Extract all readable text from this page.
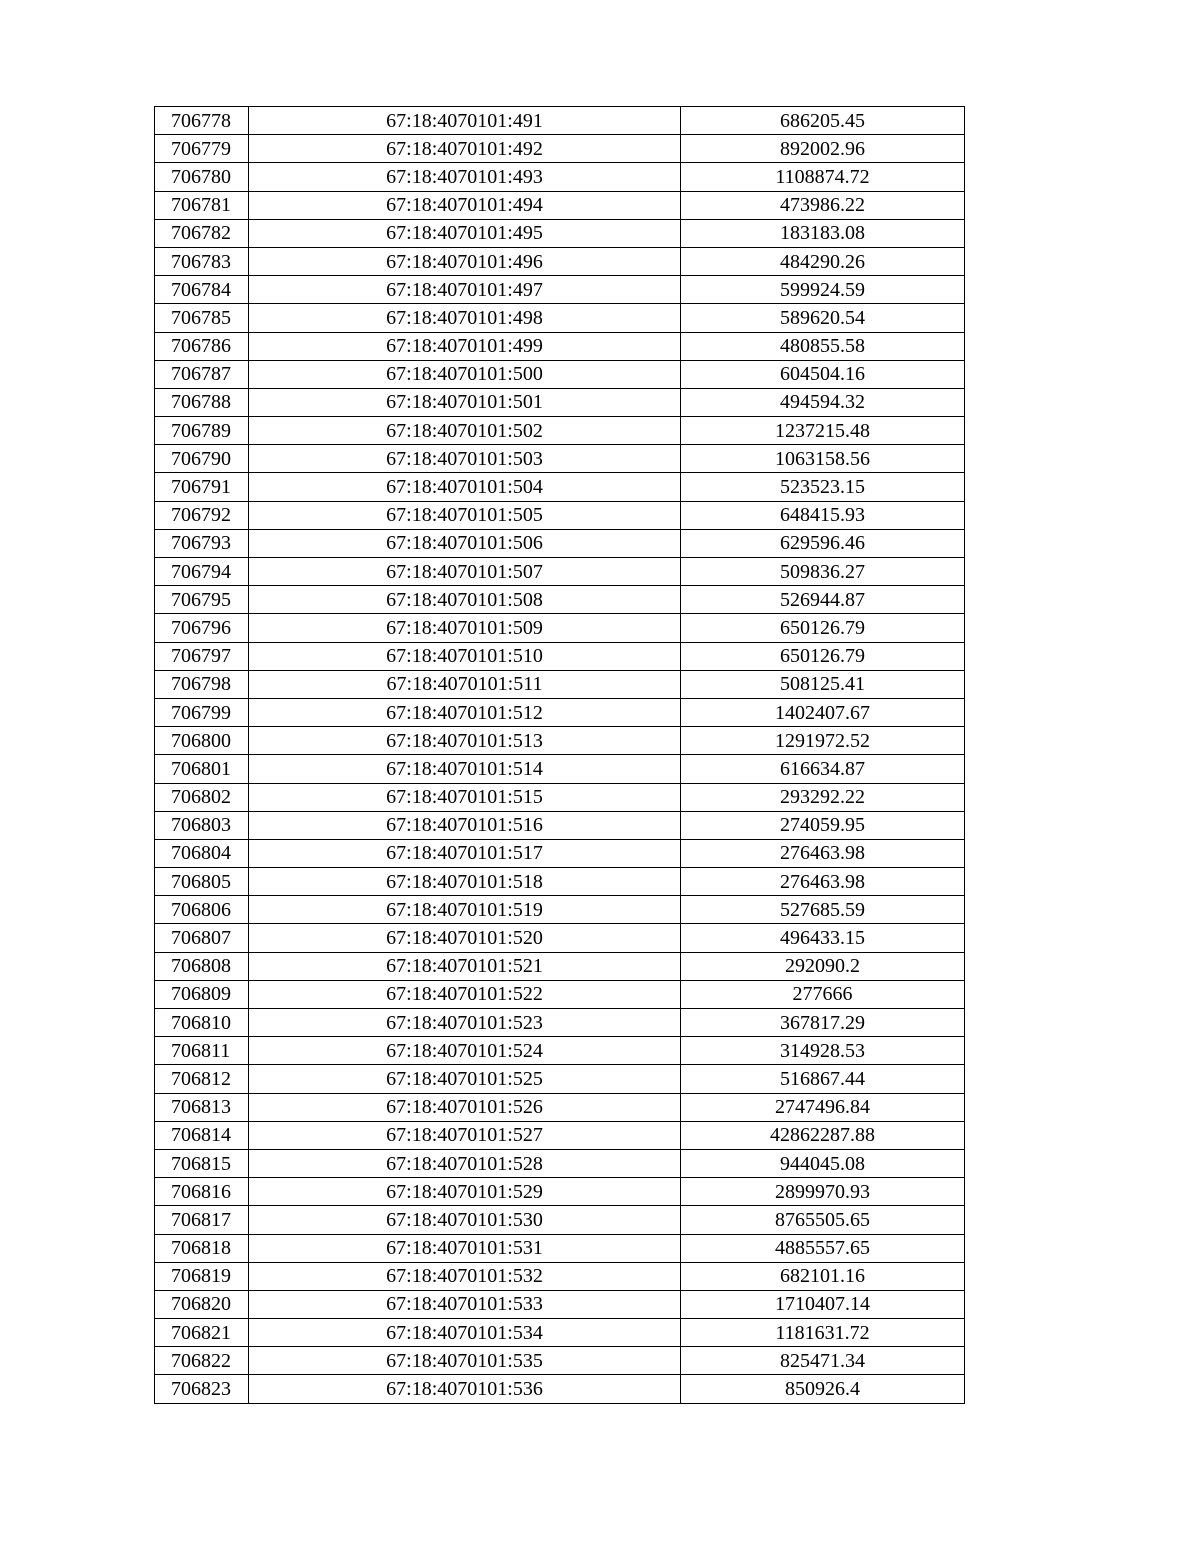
706778	67:18:4070101:491	686205.45
706779	67:18:4070101:492	892002.96
706780	67:18:4070101:493	1108874.72
706781	67:18:4070101:494	473986.22
706782	67:18:4070101:495	183183.08
706783	67:18:4070101:496	484290.26
706784	67:18:4070101:497	599924.59
706785	67:18:4070101:498	589620.54
706786	67:18:4070101:499	480855.58
706787	67:18:4070101:500	604504.16
706788	67:18:4070101:501	494594.32
706789	67:18:4070101:502	1237215.48
706790	67:18:4070101:503	1063158.56
706791	67:18:4070101:504	523523.15
706792	67:18:4070101:505	648415.93
706793	67:18:4070101:506	629596.46
706794	67:18:4070101:507	509836.27
706795	67:18:4070101:508	526944.87
706796	67:18:4070101:509	650126.79
706797	67:18:4070101:510	650126.79
706798	67:18:4070101:511	508125.41
706799	67:18:4070101:512	1402407.67
706800	67:18:4070101:513	1291972.52
706801	67:18:4070101:514	616634.87
706802	67:18:4070101:515	293292.22
706803	67:18:4070101:516	274059.95
706804	67:18:4070101:517	276463.98
706805	67:18:4070101:518	276463.98
706806	67:18:4070101:519	527685.59
706807	67:18:4070101:520	496433.15
706808	67:18:4070101:521	292090.2
706809	67:18:4070101:522	277666
706810	67:18:4070101:523	367817.29
706811	67:18:4070101:524	314928.53
706812	67:18:4070101:525	516867.44
706813	67:18:4070101:526	2747496.84
706814	67:18:4070101:527	42862287.88
706815	67:18:4070101:528	944045.08
706816	67:18:4070101:529	2899970.93
706817	67:18:4070101:530	8765505.65
706818	67:18:4070101:531	4885557.65
706819	67:18:4070101:532	682101.16
706820	67:18:4070101:533	1710407.14
706821	67:18:4070101:534	1181631.72
706822	67:18:4070101:535	825471.34
706823	67:18:4070101:536	850926.4
